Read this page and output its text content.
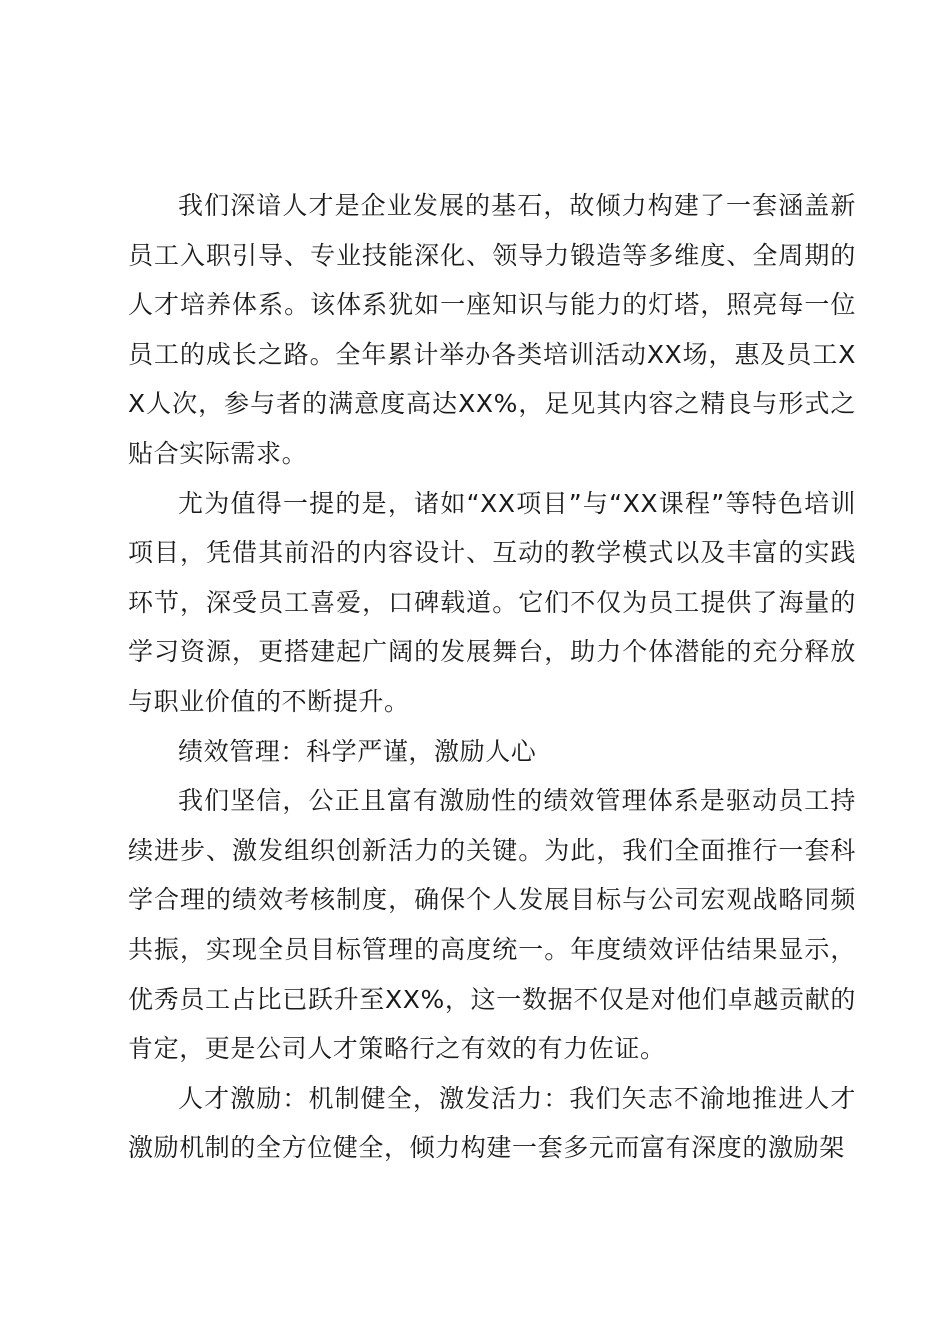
我们深谙人才是企业发展的基石，故倾力构建了一套涵盖新员工入职引导、专业技能深化、领导力锻造等多维度、全周期的人才培养体系。该体系犹如一座知识与能力的灯塔，照亮每一位员工的成长之路。全年累计举办各类培训活动XX场，惠及员工XX人次，参与者的满意度高达XX%，足见其内容之精良与形式之贴合实际需求。

尤为值得一提的是，诸如“XX项目”与“XX课程”等特色培训项目，凭借其前沿的内容设计、互动的教学模式以及丰富的实践环节，深受员工喜爱，口碑载道。它们不仅为员工提供了海量的学习资源，更搭建起广阔的发展舞台，助力个体潜能的充分释放与职业价值的不断提升。

绩效管理：科学严谨，激励人心

我们坚信，公正且富有激励性的绩效管理体系是驱动员工持续进步、激发组织创新活力的关键。为此，我们全面推行一套科学合理的绩效考核制度，确保个人发展目标与公司宏观战略同频共振，实现全员目标管理的高度统一。年度绩效评估结果显示，优秀员工占比已跃升至XX%，这一数据不仅是对他们卓越贡献的肯定，更是公司人才策略行之有效的有力佐证。

人才激励：机制健全，激发活力：我们矢志不渝地推进人才激励机制的全方位健全，倾力构建一套多元而富有深度的激励架
